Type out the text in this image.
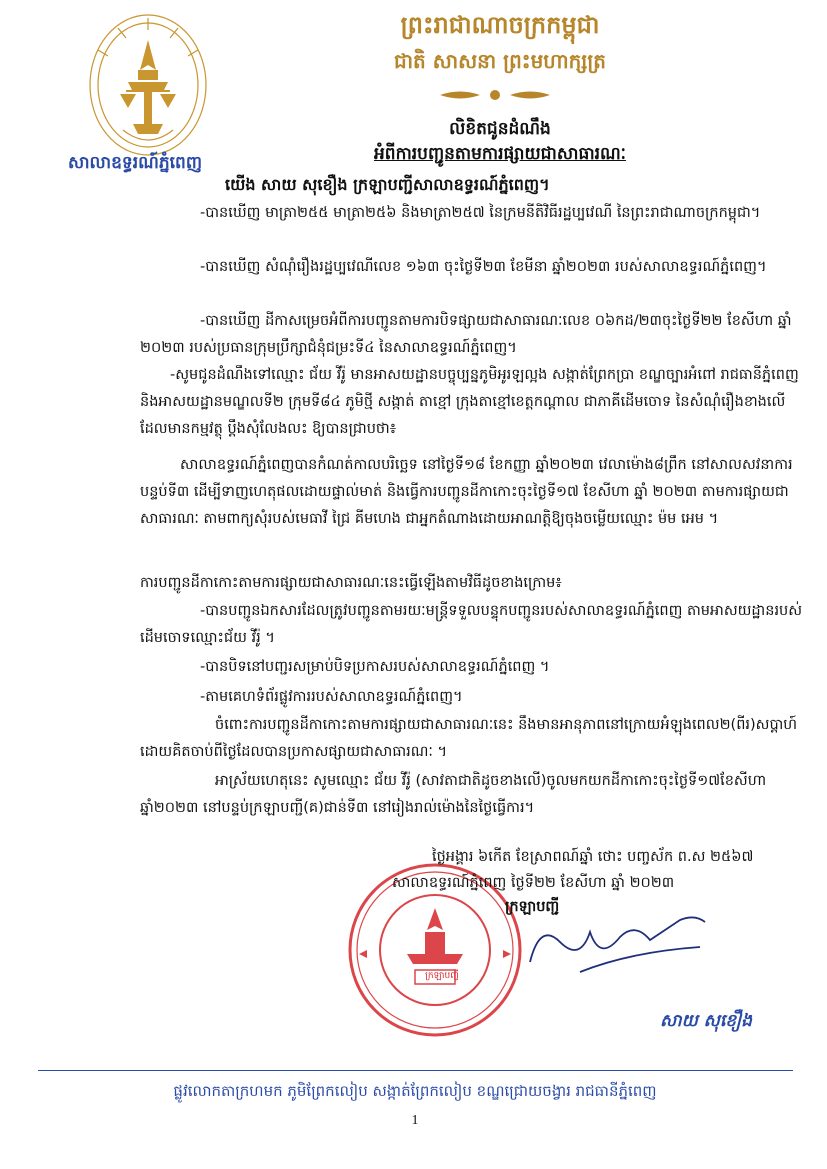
សាលាឧទ្ធរណ៍ភ្នំពេញ
ព្រះរាជាណាចក្រកម្ពុជា
ជាតិ សាសនា ព្រះមហាក្សត្រ
លិខិតជូនដំណឹង
អំពីការបញ្ជូនតាមការផ្សាយជាសាធារណៈ
យើង សាយ សុខឿង ក្រឡាបញ្ជីសាលាឧទ្ធរណ៍ភ្នំពេញ។
-បានឃើញ មាត្រា២៥៥ មាត្រា២៥៦ និងមាត្រា២៥៧ នៃក្រមនីតិវិធីរដ្ឋប្បវេណី នៃព្រះរាជាណាចក្រកម្ពុជា។
-បានឃើញ សំណុំរឿងរដ្ឋប្បវេណីលេខ ១៦៣ ចុះថ្ងៃទី២៣ ខែមីនា ឆ្នាំ២០២៣ របស់សាលាឧទ្ធរណ៍ភ្នំពេញ។
-បានឃើញ ដីកាសម្រេចអំពីការបញ្ជូនតាមការបិទផ្សាយជាសាធារណៈលេខ ០៦កដ/២៣ចុះថ្ងៃទី២២ ខែសីហា ឆ្នាំ ២០២៣ របស់ប្រធានក្រុមប្រឹក្សាជំនុំជម្រះទី៤ នៃសាលាឧទ្ធរណ៍ភ្នំពេញ។
-សូមជូនដំណឹងទៅឈ្មោះ ជ័យ វីរ៉ូ មានអាសយដ្ឋានបច្ចុប្បន្នភូមិអូរឡល្អង សង្កាត់ព្រែកប្រា ខណ្ឌច្បារអំពៅ រាជធានីភ្នំពេញ និងអាសយដ្ឋានមណ្ឌលទី២ ក្រុមទី៨៤ ភូមិថ្មី សង្កាត់ តាខ្មៅ ក្រុងតាខ្មៅខេត្តកណ្ដាល ជាភាគីដើមចោទ នៃសំណុំរឿងខាងលើ ដែលមានកម្មវត្ថុ ប្ដឹងសុំលែងលះ ឱ្យបានជ្រាបថា៖
សាលាឧទ្ធរណ៍ភ្នំពេញបានកំណត់កាលបរិច្ឆេទ នៅថ្ងៃទី១៨ ខែកញ្ញា ឆ្នាំ២០២៣ វេលាម៉ោង៨ព្រឹក នៅសាលសវនាការបន្ទប់ទី៣ ដើម្បីទាញហេតុផលដោយផ្ទាល់មាត់ និងធ្វើការបញ្ជូនដីកាកោះចុះថ្ងៃទី១៧ ខែសីហា ឆ្នាំ ២០២៣ តាមការផ្សាយជាសាធារណៈ តាមពាក្យសុំរបស់មេធាវី ជ្រៃ គីមហេង ជាអ្នកតំណាងដោយអាណត្តិឱ្យចុងចម្លើយឈ្មោះ ម៉ម អេម ។
ការបញ្ជូនដីកាកោះតាមការផ្សាយជាសាធារណៈនេះធ្វើឡើងតាមវិធីដូចខាងក្រោម៖
-បានបញ្ជូនឯកសារដែលត្រូវបញ្ជូនតាមរយៈមន្ត្រីទទួលបន្ទុកបញ្ជូនរបស់សាលាឧទ្ធរណ៍ភ្នំពេញ តាមអាសយដ្ឋានរបស់ដើមចោទឈ្មោះជ័យ វីរ៉ូ ។
-បានបិទនៅបញ្ជរសម្រាប់បិទប្រកាសរបស់សាលាឧទ្ធរណ៍ភ្នំពេញ ។
-តាមគេហទំព័រផ្លូវការរបស់សាលាឧទ្ធរណ៍ភ្នំពេញ។
ចំពោះការបញ្ជូនដីកាកោះតាមការផ្សាយជាសាធារណៈនេះ នឹងមានអានុភាពនៅក្រោយអំឡុងពេល២(ពីរ)សប្ដាហ៍ ដោយគិតចាប់ពីថ្ងៃដែលបានប្រកាសផ្សាយជាសាធារណៈ ។
អាស្រ័យហេតុនេះ សូមឈ្មោះ ជ័យ វីរ៉ូ (សាវតាជាតិដូចខាងលើ)ចូលមកយកដីកាកោះចុះថ្ងៃទី១៧ខែសីហា ឆ្នាំ២០២៣ នៅបន្ទប់ក្រឡាបញ្ជី(គ)ជាន់ទី៣ នៅរៀងរាល់ម៉ោងនៃថ្ងៃធ្វើការ។
ក្រឡាបញ្ជី
ថ្ងៃអង្គារ ៦កើត ខែស្រាពណ៍ឆ្នាំ ថោះ បញ្ចស័ក ព.ស ២៥៦៧
សាលាឧទ្ធរណ៍ភ្នំពេញ ថ្ងៃទី២២ ខែសីហា ឆ្នាំ ២០២៣
ក្រឡាបញ្ជី
សាយ សុខឿង
ផ្លូវលោកតាក្រហមក ភូមិព្រែកលៀប សង្កាត់ព្រែកលៀប ខណ្ឌជ្រោយចង្វារ រាជធានីភ្នំពេញ
1
